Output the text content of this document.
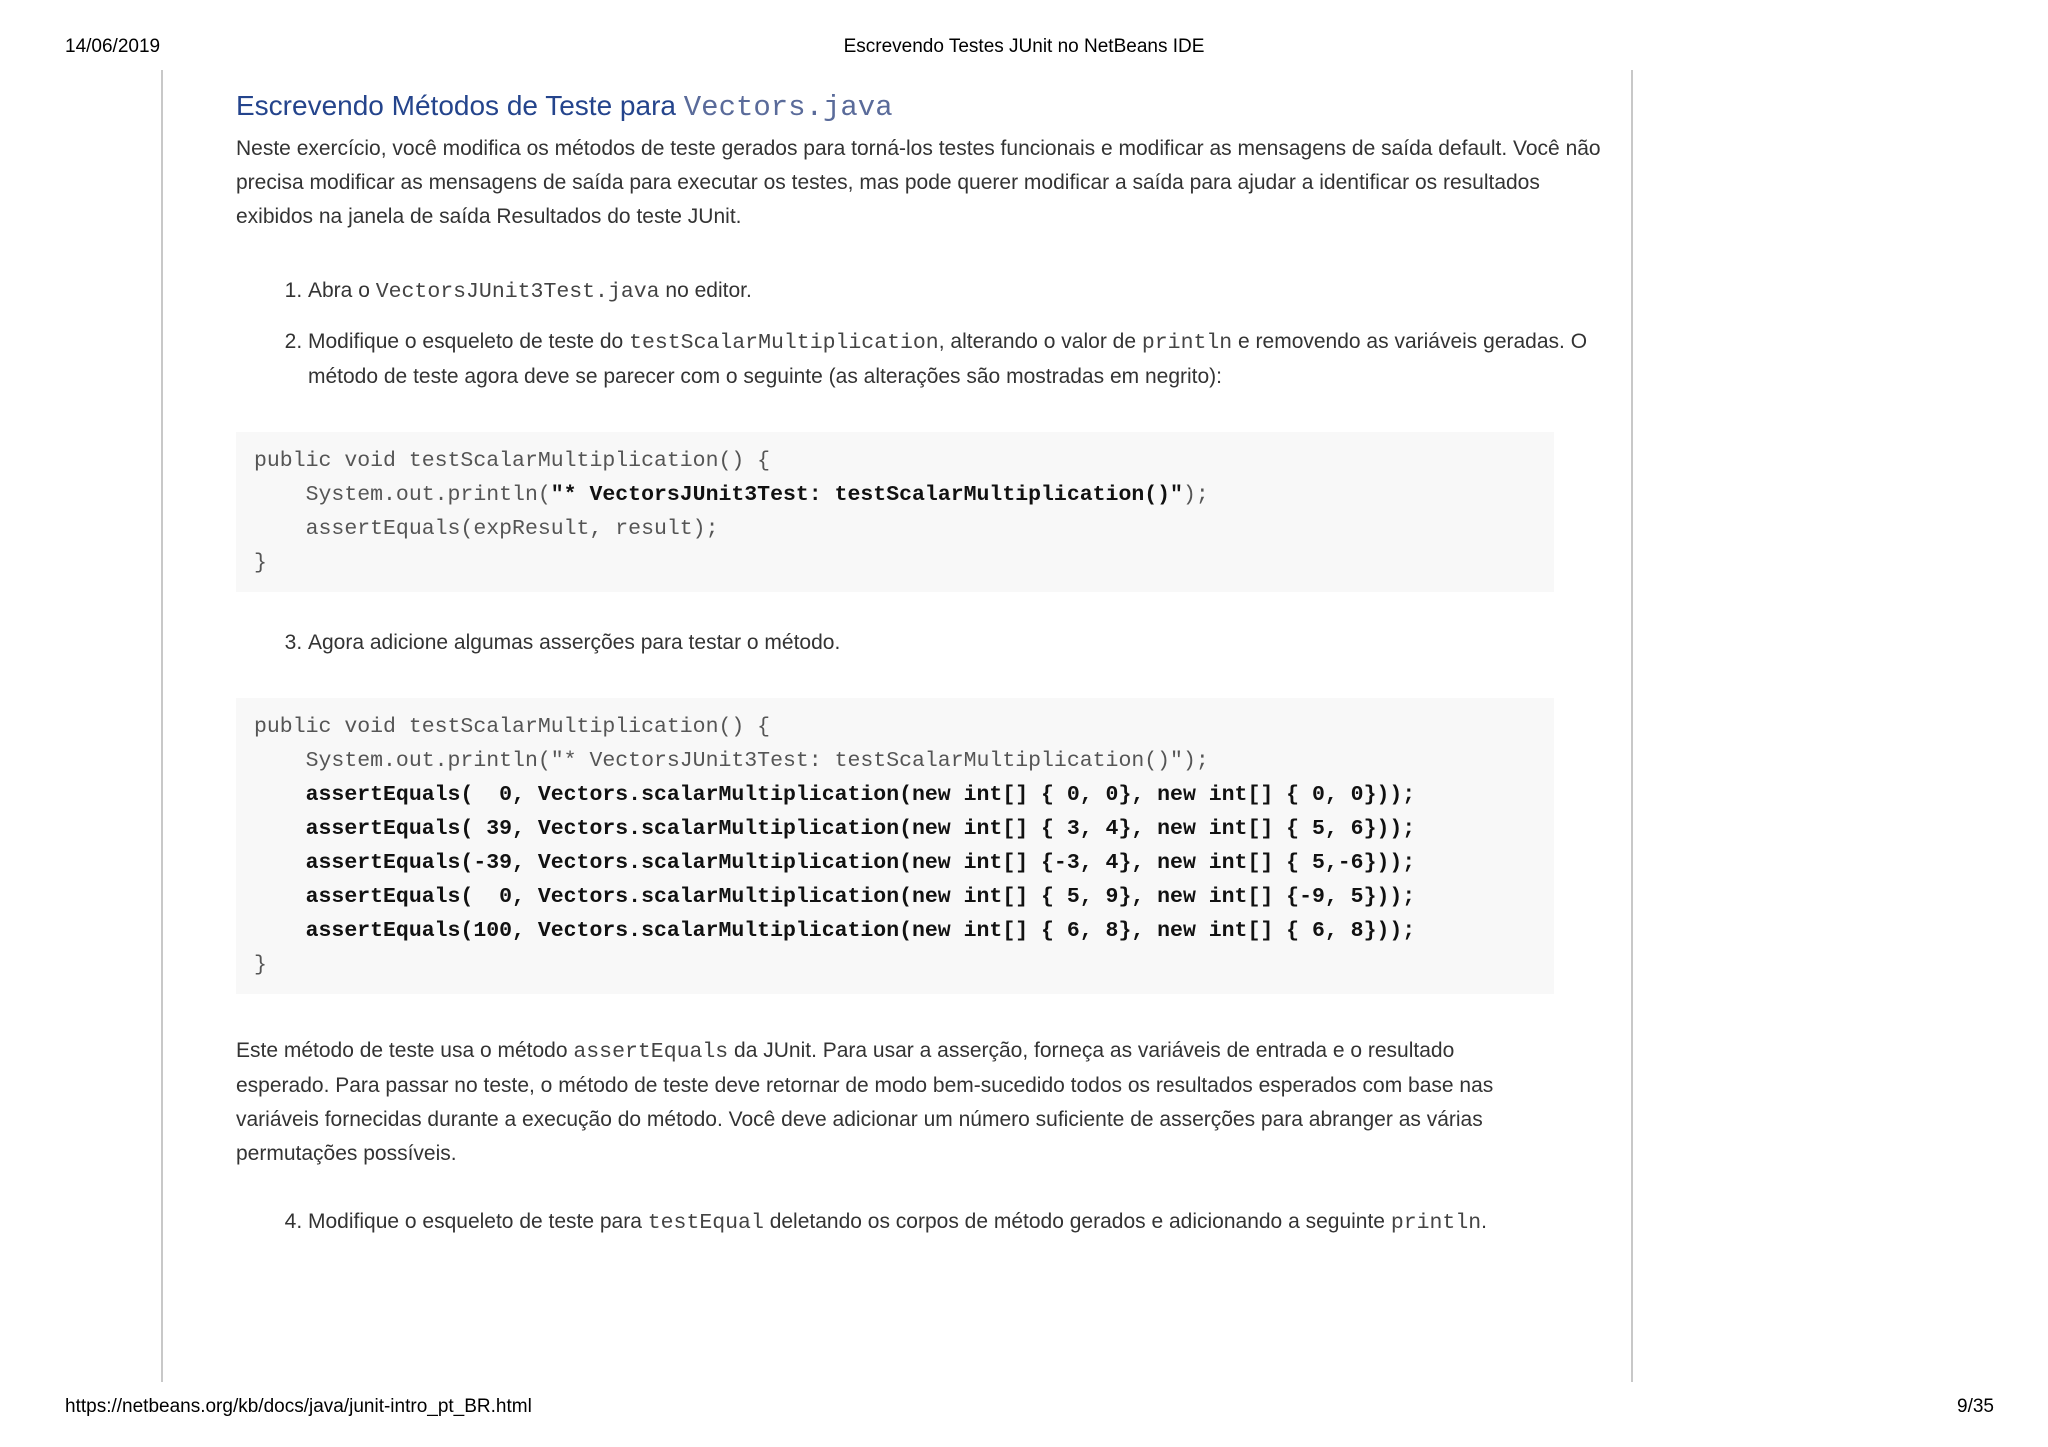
14/06/2019	Escrevendo Testes JUnit no NetBeans IDE
Escrevendo Métodos de Teste para Vectors.java

Neste exercício, você modifica os métodos de teste gerados para torná-los testes funcionais e modificar as mensagens de saída default. Você não precisa modificar as mensagens de saída para executar os testes, mas pode querer modificar a saída para ajudar a identificar os resultados exibidos na janela de saída Resultados do teste JUnit.

1. Abra o VectorsJUnit3Test.java no editor.
2. Modifique o esqueleto de teste do testScalarMultiplication, alterando o valor de println e removendo as variáveis geradas. O método de teste agora deve se parecer com o seguinte (as alterações são mostradas em negrito):
public void testScalarMultiplication() {
System.out.println("* VectorsJUnit3Test: testScalarMultiplication()");
assertEquals(expResult, result);
}
3. Agora adicione algumas asserções para testar o método.
public void testScalarMultiplication() {
System.out.println("* VectorsJUnit3Test: testScalarMultiplication()");
assertEquals(  0, Vectors.scalarMultiplication(new int[] { 0, 0}, new int[] { 0, 0}));
assertEquals( 39, Vectors.scalarMultiplication(new int[] { 3, 4}, new int[] { 5, 6}));
assertEquals(-39, Vectors.scalarMultiplication(new int[] {-3, 4}, new int[] { 5,-6}));
assertEquals(  0, Vectors.scalarMultiplication(new int[] { 5, 9}, new int[] {-9, 5}));
assertEquals(100, Vectors.scalarMultiplication(new int[] { 6, 8}, new int[] { 6, 8}));
}

Este método de teste usa o método assertEquals da JUnit. Para usar a asserção, forneça as variáveis de entrada e o resultado esperado. Para passar no teste, o método de teste deve retornar de modo bem-sucedido todos os resultados esperados com base nas variáveis fornecidas durante a execução do método. Você deve adicionar um número suficiente de asserções para abranger as várias permutações possíveis.

4. Modifique o esqueleto de teste para testEqual deletando os corpos de método gerados e adicionando a seguinte println.
https://netbeans.org/kb/docs/java/junit-intro_pt_BR.html	9/35
